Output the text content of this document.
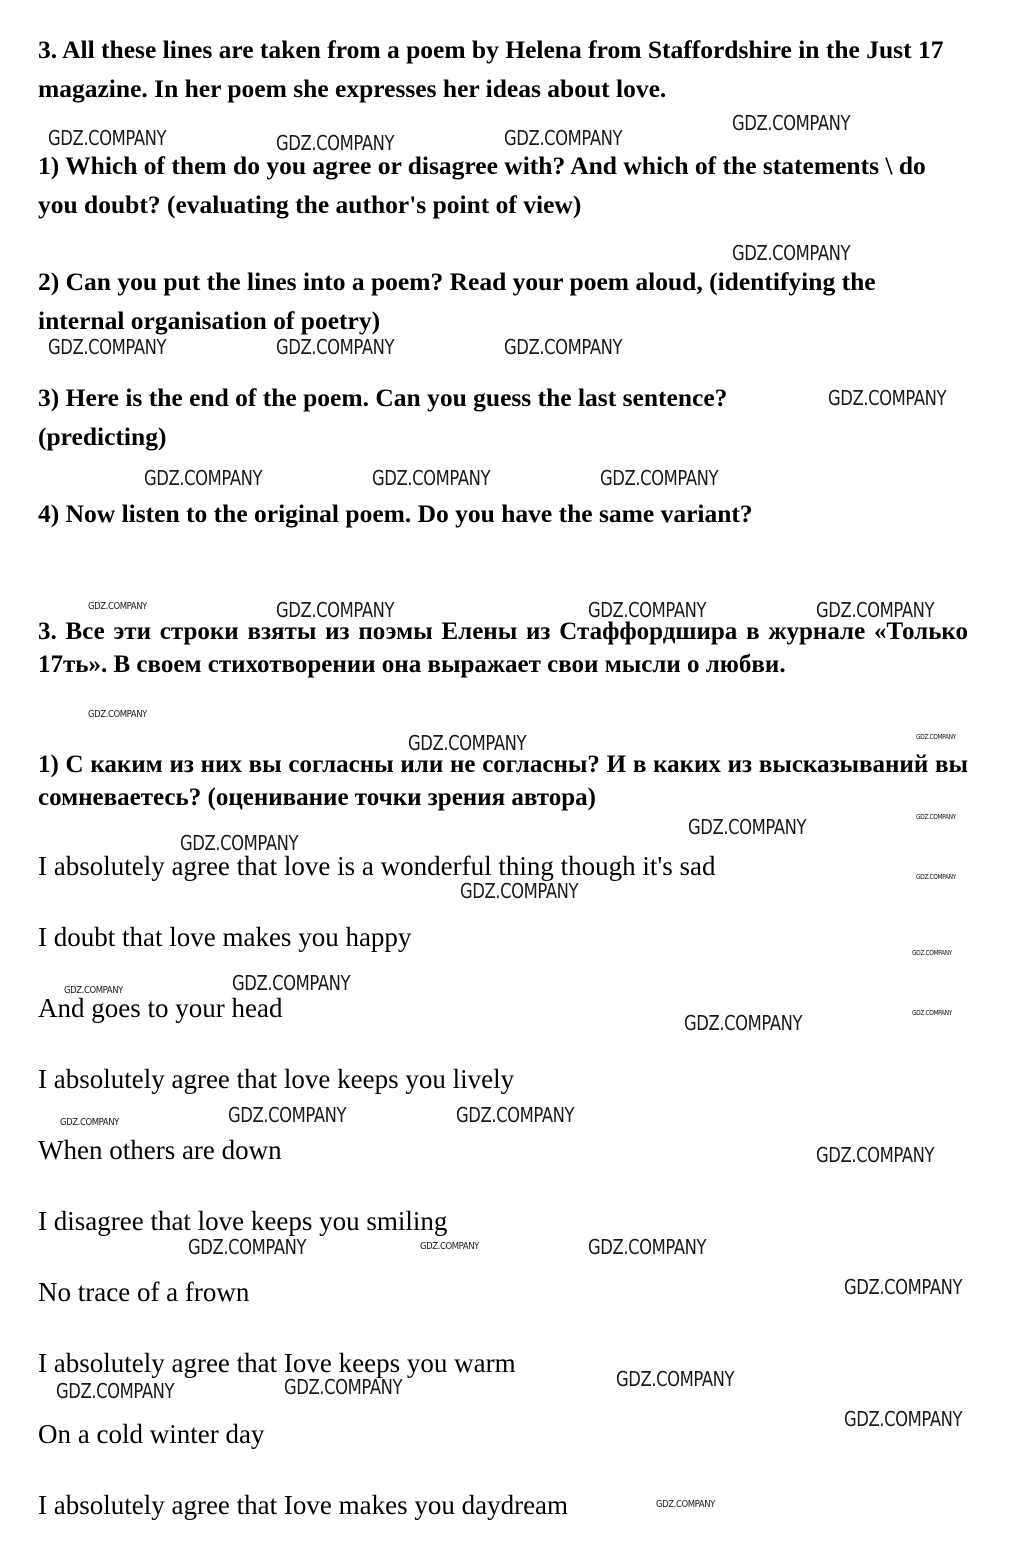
3. All these lines are taken from a poem by Helena from Staffordshire in the Just 17 magazine. In her poem she expresses her ideas about love.

1) Which of them do you agree or disagree with? And which of the statements \ do you doubt? (evaluating the author's point of view)

2) Can you put the lines into a poem? Read your poem aloud, (identifying the internal organisation of poetry)

3) Here is the end of the poem. Can you guess the last sentence? (predicting)

4) Now listen to the original poem. Do you have the same variant?

3. Все эти строки взяты из поэмы Елены из Стаффордшира в журнале «Только 17ть». В своем стихотворении она выражает свои мысли о любви.

1) С каким из них вы согласны или не согласны? И в каких из высказываний вы сомневаетесь? (оценивание точки зрения автора)

I absolutely agree that love is a wonderful thing though it's sad

I doubt that love makes you happy

And goes to your head

I absolutely agree that love keeps you lively

When others are down

I disagree that love keeps you smiling

No trace of a frown

I absolutely agree that Iove keeps you warm

On a cold winter day

I absolutely agree that Iove makes you daydream

GDZ.COMPANY	GDZ.COMPANY	GDZ.COMPANY
GDZ.COMPANY
GDZ.COMPANY
GDZ.COMPANY	GDZ.COMPANY	GDZ.COMPANY
GDZ.COMPANY
GDZ.COMPANY	GDZ.COMPANY	GDZ.COMPANY
GDZ.COMPANY	GDZ.COMPANY	GDZ.COMPANY	GDZ.COMPANY
GDZ.COMPANY
GDZ.COMPANY	GDZ.COMPANY
GDZ.COMPANY
GDZ.COMPANY
GDZ.COMPANY
GDZ.COMPANY
GDZ.COMPANY
GDZ.COMPANY
GDZ.COMPANY
GDZ.COMPANY
GDZ.COMPANY
GDZ.COMPANY
GDZ.COMPANY	GDZ.COMPANY
GDZ.COMPANY
GDZ.COMPANY
GDZ.COMPANY	GDZ.COMPANY	GDZ.COMPANY
GDZ.COMPANY
GDZ.COMPANY
GDZ.COMPANY
GDZ.COMPANY
GDZ.COMPANY
GDZ.COMPANY
